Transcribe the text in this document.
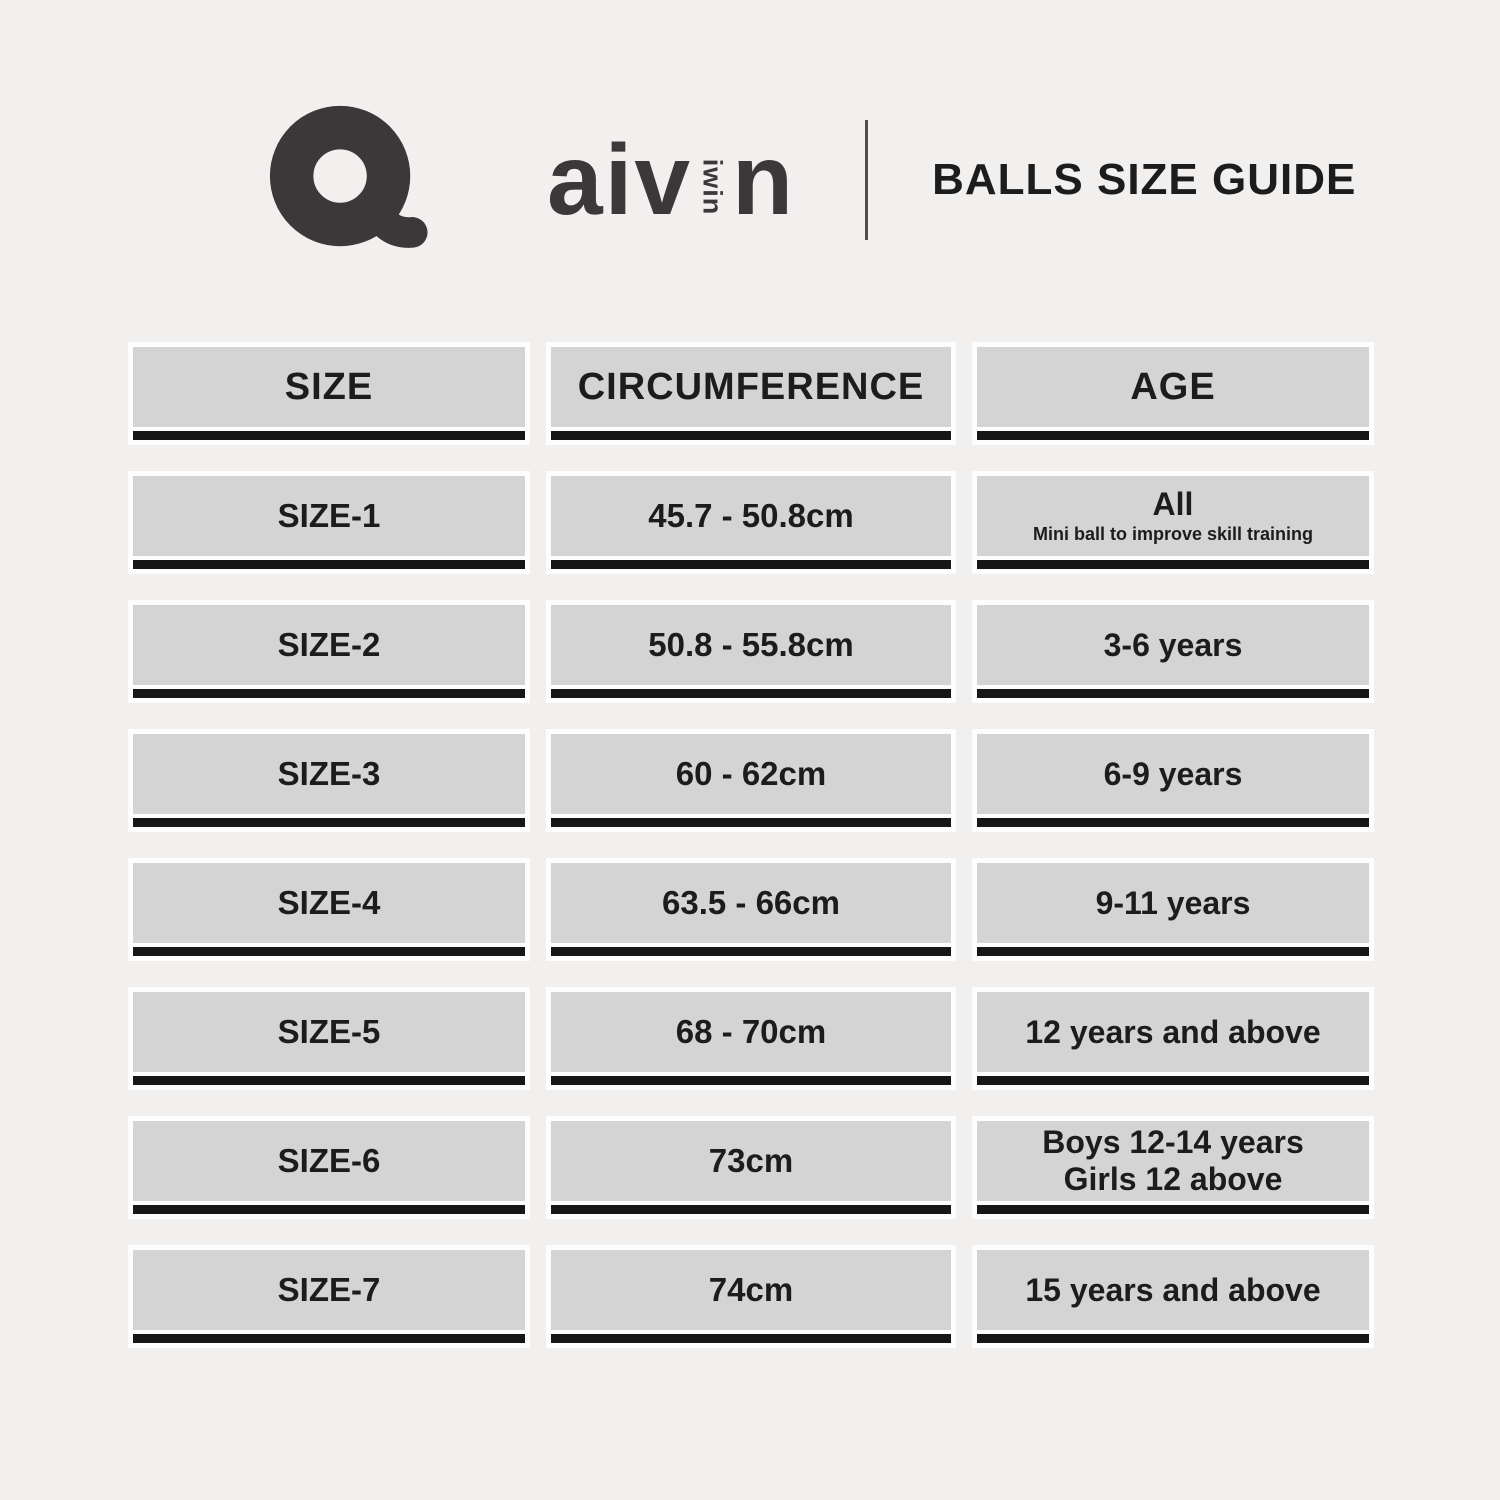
aiv iwin n	BALLS SIZE GUIDE
SIZE	CIRCUMFERENCE	AGE
SIZE-1	45.7 - 50.8cm	All
Mini ball to improve skill training
SIZE-2	50.8 - 55.8cm	3-6 years
SIZE-3	60 - 62cm	6-9 years
SIZE-4	63.5 - 66cm	9-11 years
SIZE-5	68 - 70cm	12 years and above
SIZE-6	73cm	Boys 12-14 years
Girls 12 above
SIZE-7	74cm	15 years and above
